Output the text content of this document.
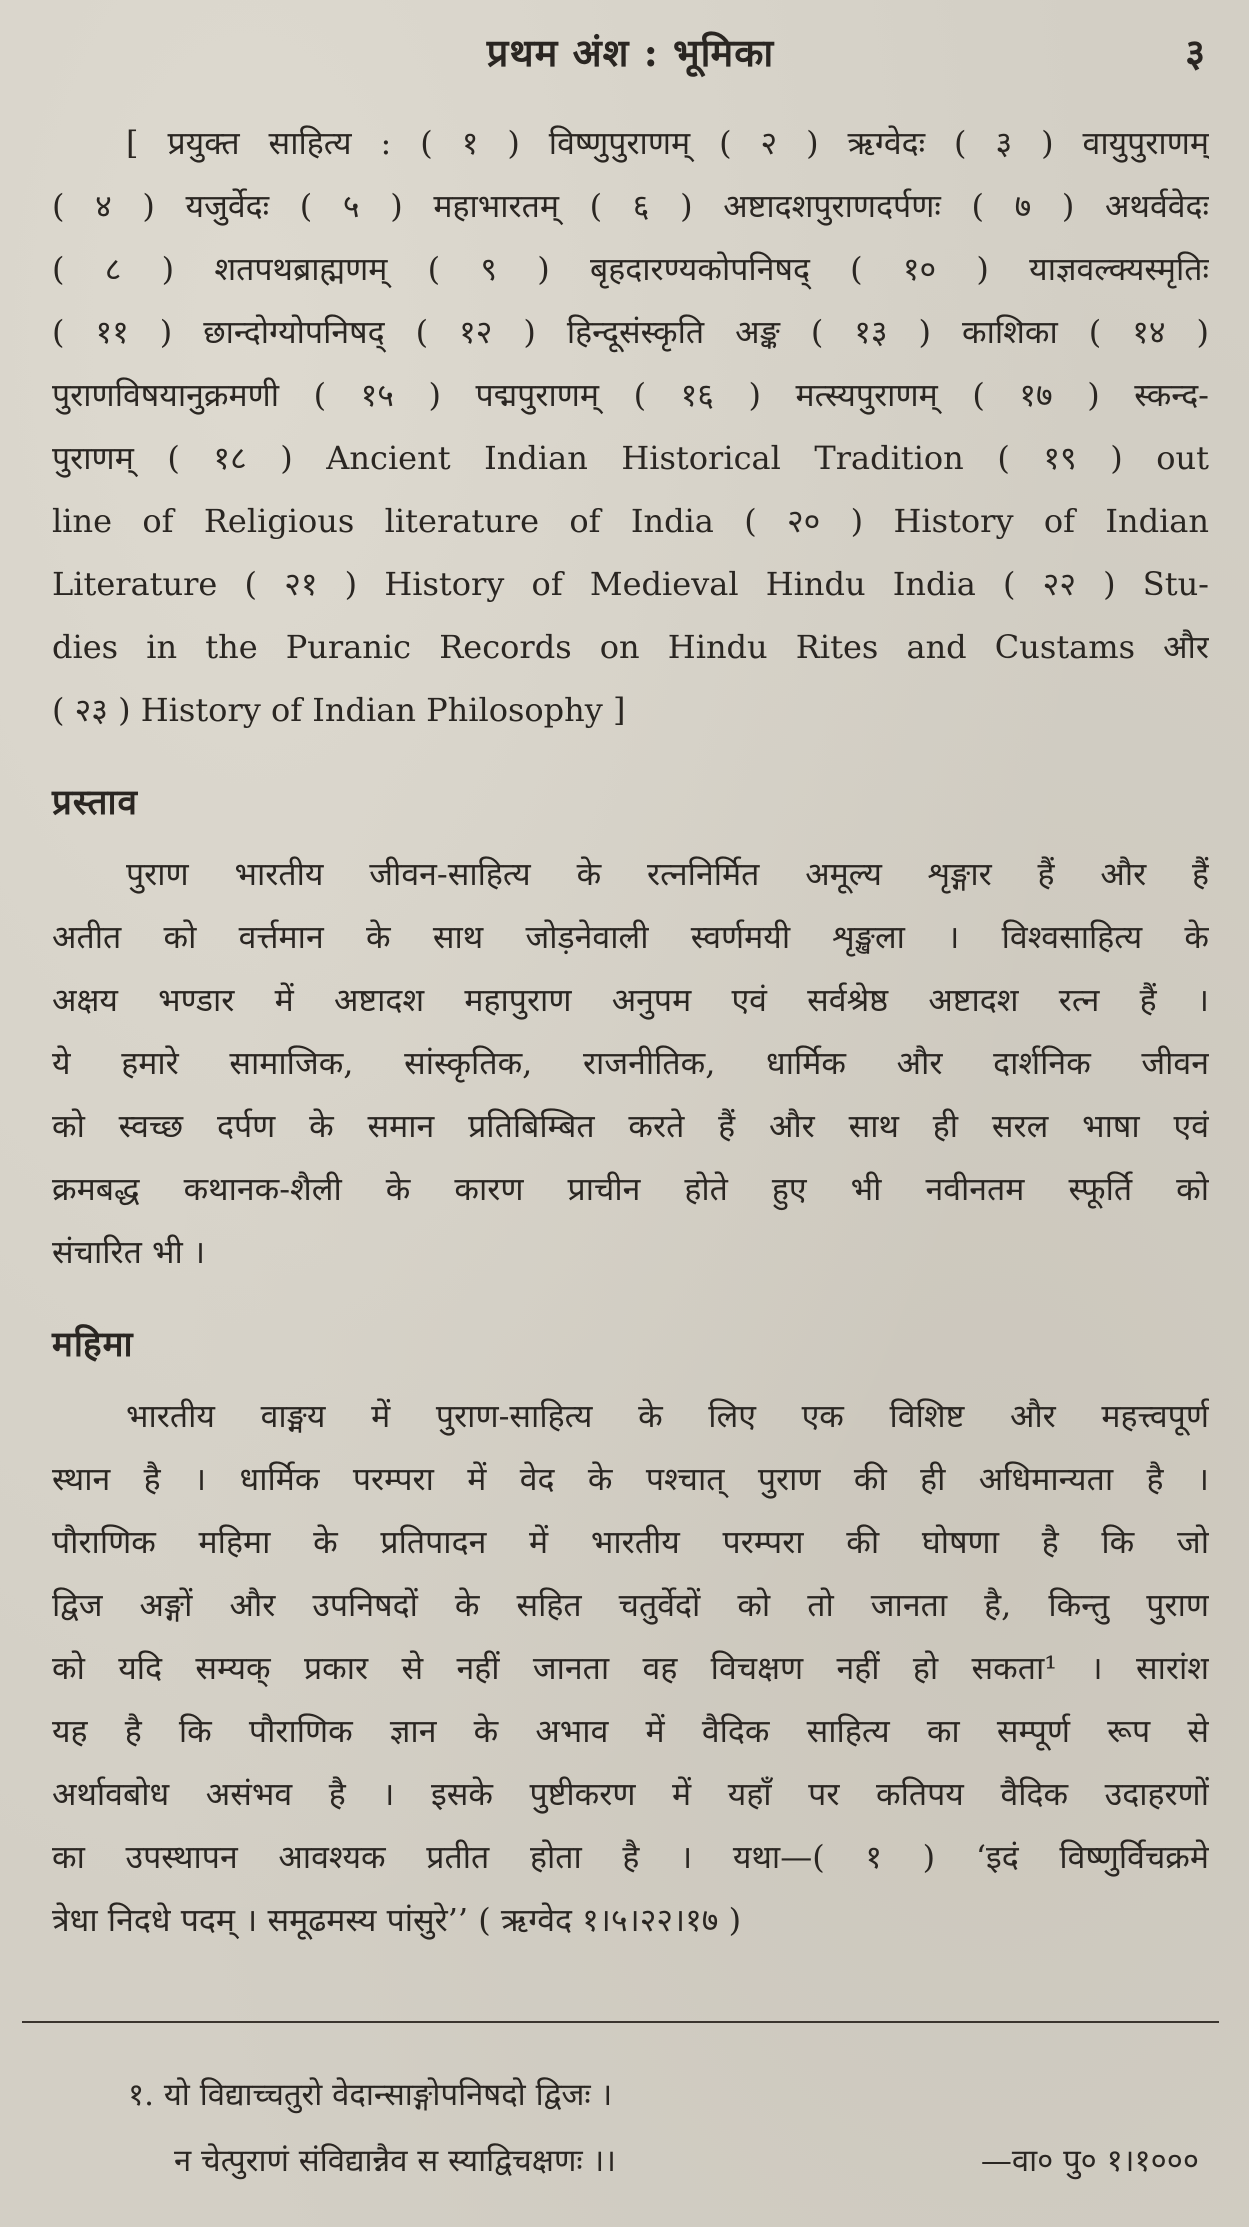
प्रथम अंश : भूमिका	३
[ प्रयुक्त साहित्य : ( १ ) विष्णुपुराणम् ( २ ) ऋग्वेदः ( ३ ) वायुपुराणम्
( ४ ) यजुर्वेदः ( ५ ) महाभारतम् ( ६ ) अष्टादशपुराणदर्पणः ( ७ ) अथर्ववेदः
( ८ ) शतपथब्राह्मणम् ( ९ ) बृहदारण्यकोपनिषद् ( १० ) याज्ञवल्क्यस्मृतिः
( ११ ) छान्दोग्योपनिषद् ( १२ ) हिन्दूसंस्कृति अङ्क ( १३ ) काशिका ( १४ )
पुराणविषयानुक्रमणी ( १५ ) पद्मपुराणम् ( १६ ) मत्स्यपुराणम् ( १७ ) स्कन्द-
पुराणम् ( १८ ) Ancient Indian Historical Tradition ( १९ ) out
line of Religious literature of India ( २० ) History of Indian
Literature ( २१ ) History of Medieval Hindu India ( २२ ) Stu-
dies in the Puranic Records on Hindu Rites and Custams और
( २३ ) History of Indian Philosophy ]
प्रस्ताव
पुराण भारतीय जीवन-साहित्य के रत्ननिर्मित अमूल्य शृङ्गार हैं और हैं
अतीत को वर्त्तमान के साथ जोड़नेवाली स्वर्णमयी शृङ्खला । विश्वसाहित्य के
अक्षय भण्डार में अष्टादश महापुराण अनुपम एवं सर्वश्रेष्ठ अष्टादश रत्न हैं ।
ये हमारे सामाजिक, सांस्कृतिक, राजनीतिक, धार्मिक और दार्शनिक जीवन
को स्वच्छ दर्पण के समान प्रतिबिम्बित करते हैं और साथ ही सरल भाषा एवं
क्रमबद्ध कथानक-शैली के कारण प्राचीन होते हुए भी नवीनतम स्फूर्ति को
संचारित भी ।
महिमा
भारतीय वाङ्मय में पुराण-साहित्य के लिए एक विशिष्ट और महत्त्वपूर्ण
स्थान है । धार्मिक परम्परा में वेद के पश्चात् पुराण की ही अधिमान्यता है ।
पौराणिक महिमा के प्रतिपादन में भारतीय परम्परा की घोषणा है कि जो
द्विज अङ्गों और उपनिषदों के सहित चतुर्वेदों को तो जानता है, किन्तु पुराण
को यदि सम्यक् प्रकार से नहीं जानता वह विचक्षण नहीं हो सकता¹ । सारांश
यह है कि पौराणिक ज्ञान के अभाव में वैदिक साहित्य का सम्पूर्ण रूप से
अर्थावबोध असंभव है । इसके पुष्टीकरण में यहाँ पर कतिपय वैदिक उदाहरणों
का उपस्थापन आवश्यक प्रतीत होता है । यथा—( १ ) ‘इदं विष्णुर्विचक्रमे
त्रेधा निदधे पदम् । समूढमस्य पांसुरे’’ ( ऋग्वेद १।५।२२।१७ )
१. यो विद्याच्चतुरो वेदान्साङ्गोपनिषदो द्विजः ।
न चेत्पुराणं संविद्यान्नैव स स्याद्विचक्षणः ।।	—वा० पु० १।१०००
